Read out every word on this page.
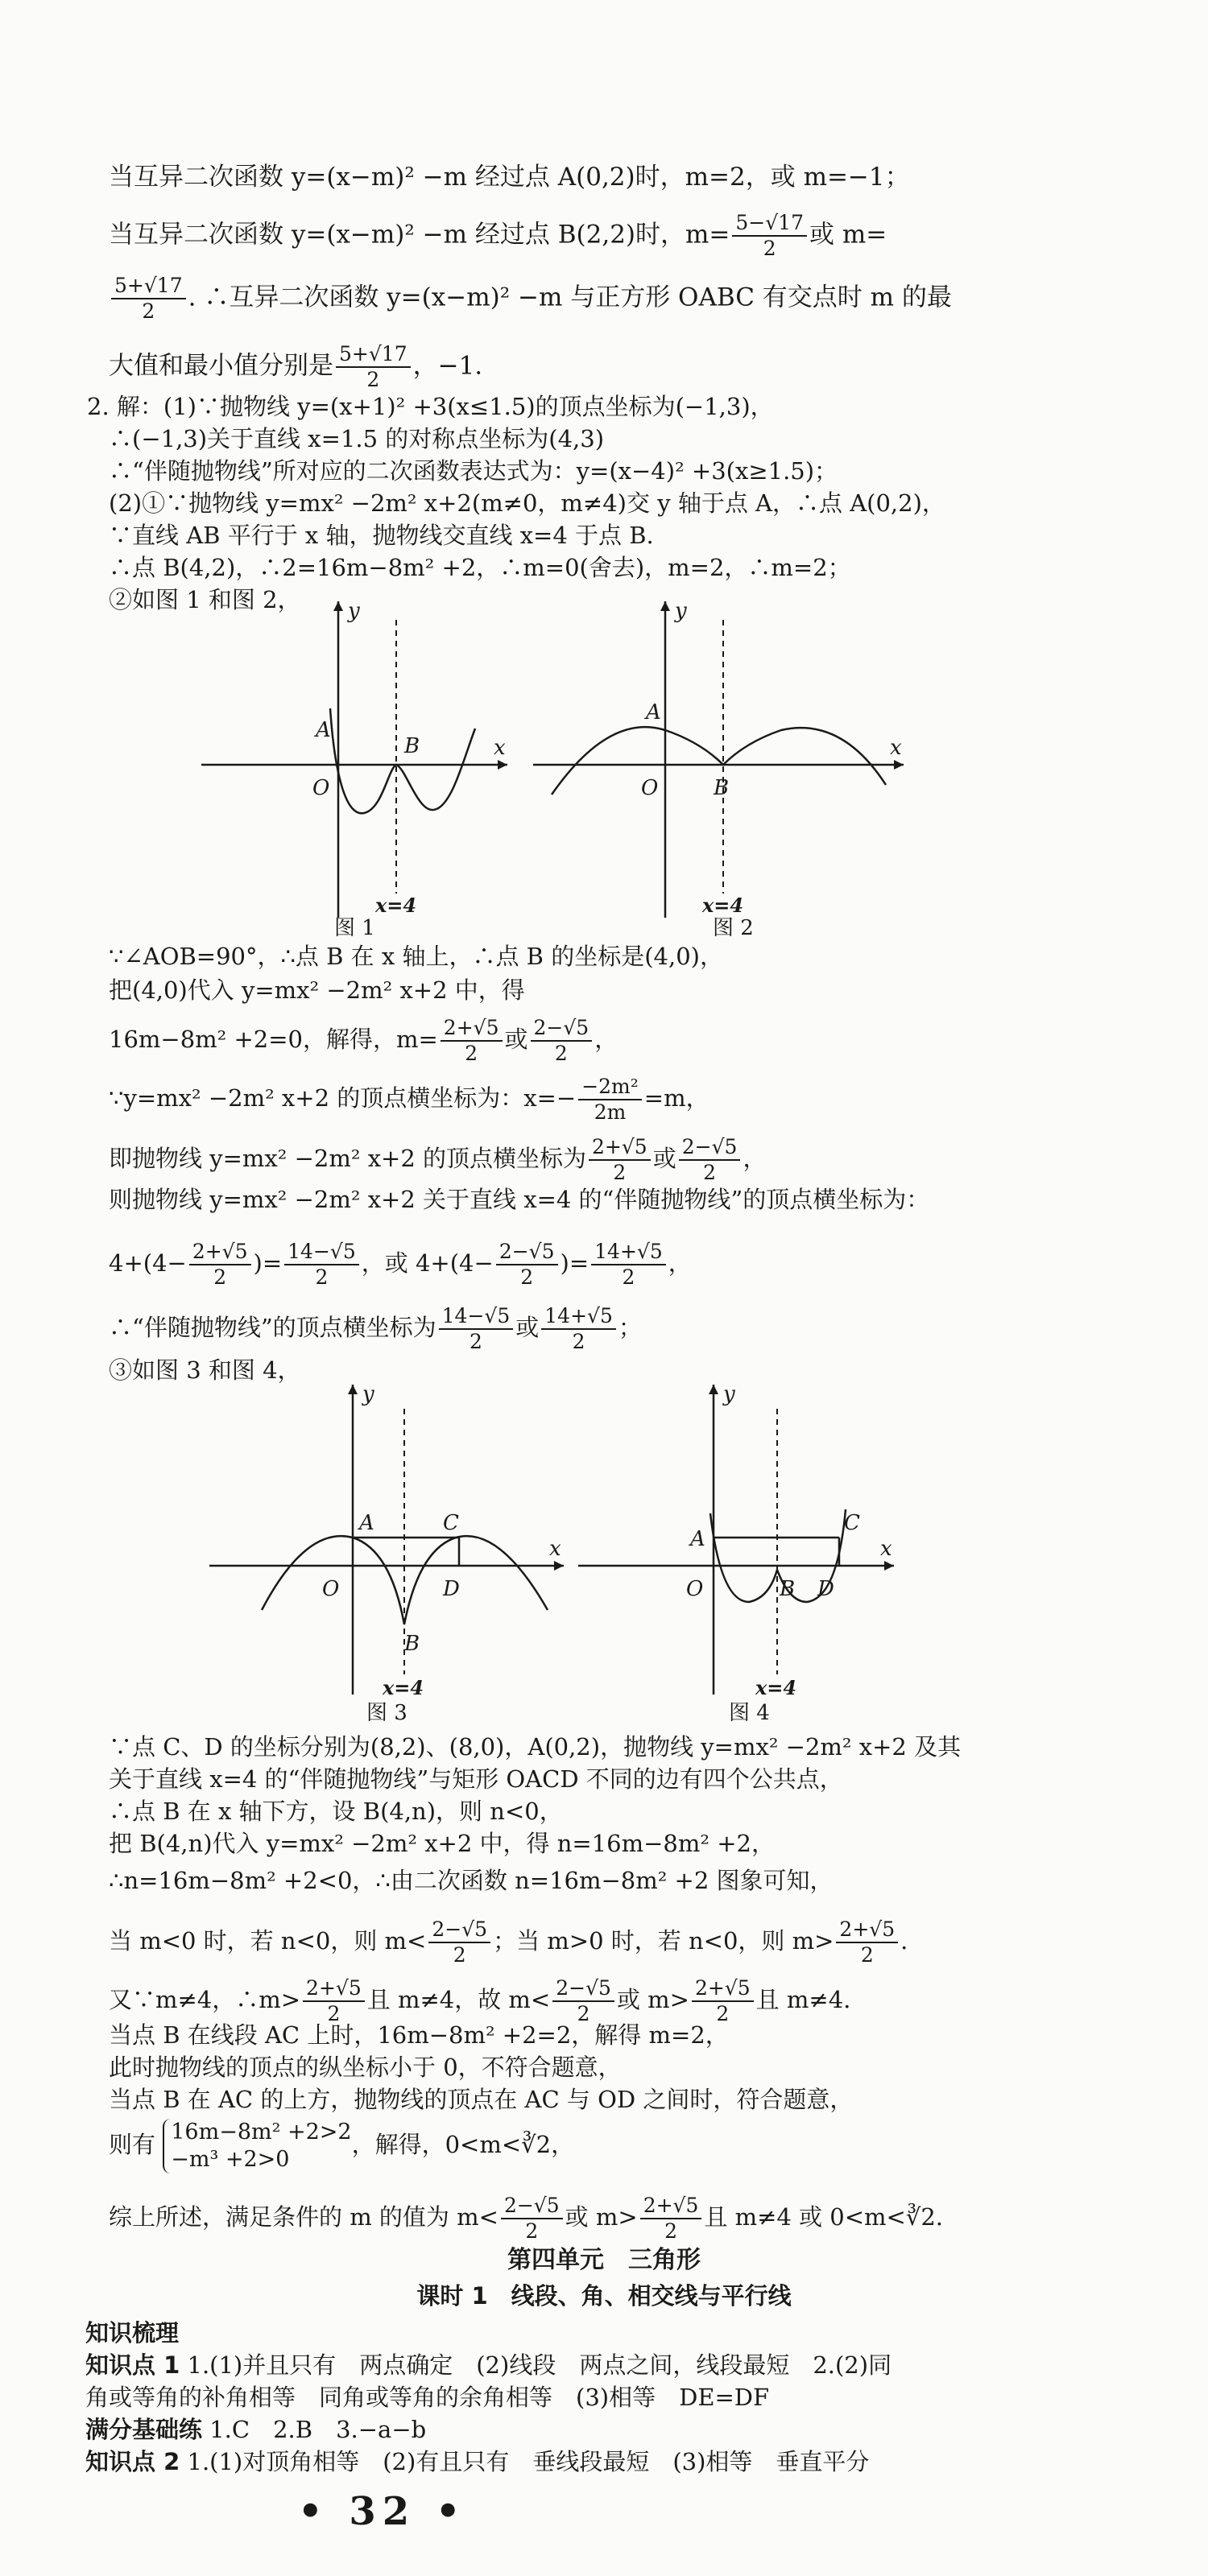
当互异二次函数 y=(x−m)² −m 经过点 A(0,2)时，m=2，或 m=−1；
当互异二次函数 y=(x−m)² −m 经过点 B(2,2)时，$m= \frac{5-√17}{2}$ 或 m=
$\frac{5+√17}{2}$ . ∴互异二次函数 y=(x−m)² −m 与正方形 OABC 有交点时 m 的最
大值和最小值分别是 $\frac{5+√17}{2}$ ，−1.
2. 解：(1)∵抛物线 y=(x+1)² +3(x≤1.5)的顶点坐标为(−1,3)，
∴(−1,3)关于直线 x=1.5 的对称点坐标为(4,3)
∴“伴随抛物线”所对应的二次函数表达式为：y=(x−4)² +3(x≥1.5)；
(2)①∵抛物线 y=mx² −2m² x+2(m≠0，m≠4)交 y 轴于点 A，∴点 A(0,2)，
∵直线 AB 平行于 x 轴，抛物线交直线 x=4 于点 B.
∴点 B(4,2)，∴2=16m−8m² +2，∴m=0(舍去)，m=2，∴m=2；
②如图 1 和图 2， y
x
O
A
B
y
x
O
A
B
x=4	x=4
图 1	图 2
∵∠AOB=90°，∴点 B 在 x 轴上，∴点 B 的坐标是(4,0)，
把(4,0)代入 y=mx² −2m² x+2 中，得
16m−8m² +2=0，解得，$m= \frac{2+√5}{2}$ 或 $\frac{2-√5}{2}$ ，
∵y=mx² −2m² x+2 的顶点横坐标为：$x=- \frac{\text{−2m²}}{2m} =m$，
即抛物线 y=mx² −2m² x+2 的顶点横坐标为 $\frac{2+√5}{2}$ 或 $\frac{2-√5}{2}$ ，
则抛物线 y=mx² −2m² x+2 关于直线 x=4 的“伴随抛物线”的顶点横坐标为：
$4+(4- \frac{2+√5}{2}$ )= $\frac{14-√5}{2}$ ，或 $4+(4- \frac{2-√5}{2}$ )= $\frac{14+√5}{2}$ ，
∴“伴随抛物线”的顶点横坐标为 $\frac{14-√5}{2}$ 或 $\frac{14+√5}{2}$ ；
③如图 3 和图 4，
y
x
O
A	C
D
B
y
x
O
A
C
D
B
x=4	x=4
图 3	图 4
∵点 C、D 的坐标分别为(8,2)、(8,0)，A(0,2)，抛物线 y=mx² −2m² x+2 及其
关于直线 x=4 的“伴随抛物线”与矩形 OACD 不同的边有四个公共点，
∴点 B 在 x 轴下方，设 B(4,n)，则 n<0，
把 B(4,n)代入 y=mx² −2m² x+2 中，得 n=16m−8m² +2，
∴n=16m−8m² +2<0，∴由二次函数 n=16m−8m² +2 图象可知，
当 m<0 时，若 n<0，则 $m< \frac{2-√5}{2}$ ；当 m>0 时，若 n<0，则 $m> \frac{2+√5}{2}$ .
又∵m≠4，∴m> $\frac{2+√5}{2}$ 且 m≠4，故 $m< \frac{2-√5}{2}$ 或 $m> \frac{2+√5}{2}$ 且 m≠4.
当点 B 在线段 AC 上时，16m−8m² +2=2，解得 m=2，
此时抛物线的顶点的纵坐标小于 0，不符合题意，
当点 B 在 AC 的上方，抛物线的顶点在 AC 与 OD 之间时，符合题意，
则有 16m−8m² +2>2
−m³ +2>0
，解得，0<m<∛2，
综上所述，满足条件的 m 的值为 $m< \frac{2-√5}{2}$ 或 $m> \frac{2+√5}{2}$ 且 m≠4 或 0<m<∛2.
第四单元　三角形
课时 1　线段、角、相交线与平行线
知识梳理
知识点 1 1.(1)并且只有　两点确定　(2)线段　两点之间，线段最短　2.(2)同
角或等角的补角相等　同角或等角的余角相等　(3)相等　DE=DF
满分基础练 1.C　2.B　3.−a−b
知识点 2 1.(1)对顶角相等　(2)有且只有　垂线段最短　(3)相等　垂直平分
• 32 •
